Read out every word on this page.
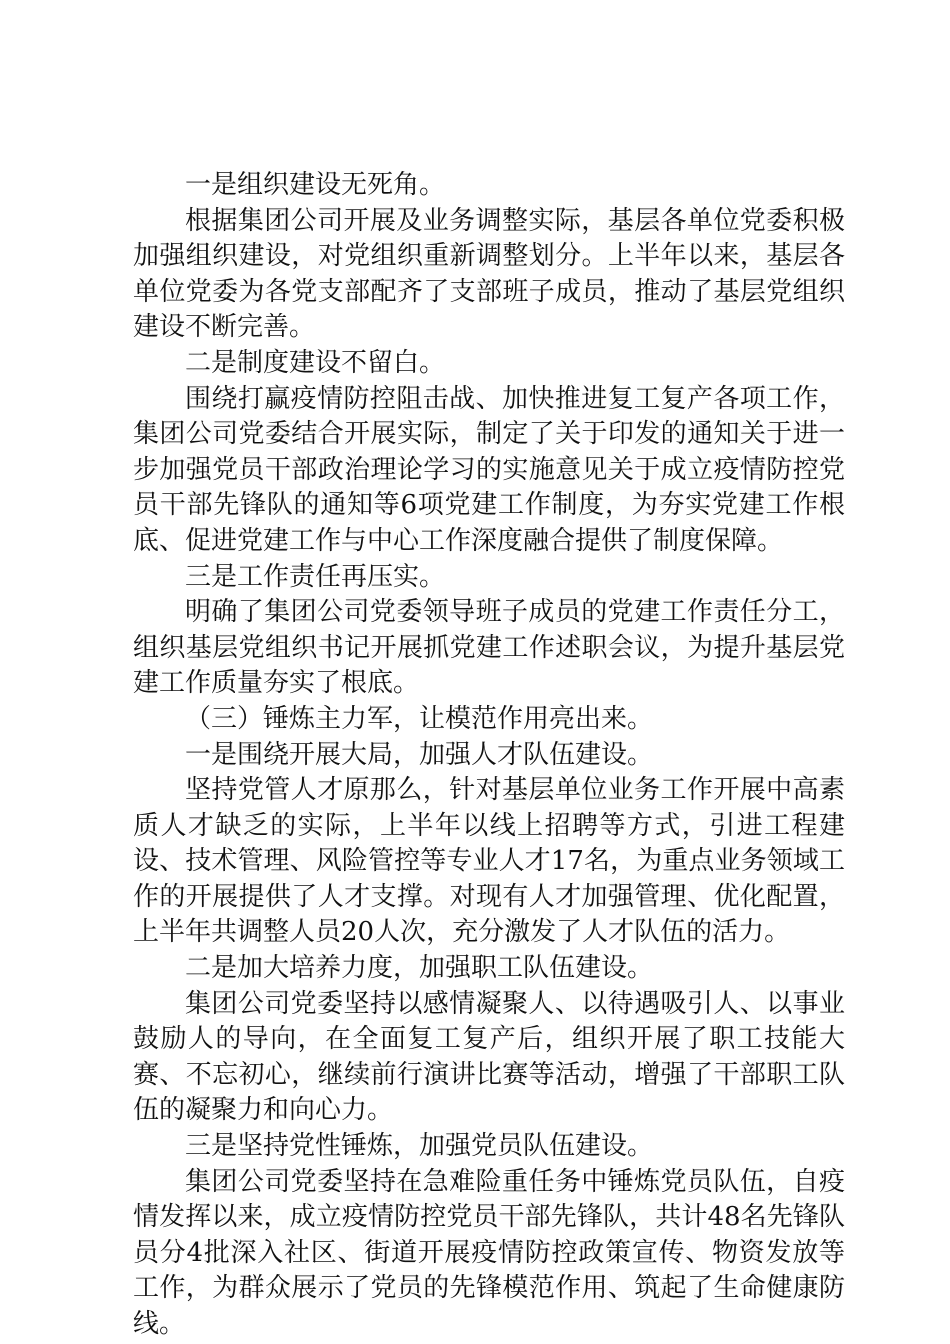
一是组织建设无死角。

根据集团公司开展及业务调整实际，基层各单位党委积极加强组织建设，对党组织重新调整划分。上半年以来，基层各单位党委为各党支部配齐了支部班子成员，推动了基层党组织建设不断完善。

二是制度建设不留白。

围绕打赢疫情防控阻击战、加快推进复工复产各项工作，集团公司党委结合开展实际，制定了关于印发的通知关于进一步加强党员干部政治理论学习的实施意见关于成立疫情防控党员干部先锋队的通知等6项党建工作制度，为夯实党建工作根底、促进党建工作与中心工作深度融合提供了制度保障。

三是工作责任再压实。

明确了集团公司党委领导班子成员的党建工作责任分工，组织基层党组织书记开展抓党建工作述职会议，为提升基层党建工作质量夯实了根底。

（三）锤炼主力军，让模范作用亮出来。

一是围绕开展大局，加强人才队伍建设。

坚持党管人才原那么，针对基层单位业务工作开展中高素质人才缺乏的实际，上半年以线上招聘等方式，引进工程建设、技术管理、风险管控等专业人才17名，为重点业务领域工作的开展提供了人才支撑。对现有人才加强管理、优化配置，上半年共调整人员20人次，充分激发了人才队伍的活力。

二是加大培养力度，加强职工队伍建设。

集团公司党委坚持以感情凝聚人、以待遇吸引人、以事业鼓励人的导向，在全面复工复产后，组织开展了职工技能大赛、不忘初心，继续前行演讲比赛等活动，增强了干部职工队伍的凝聚力和向心力。

三是坚持党性锤炼，加强党员队伍建设。

集团公司党委坚持在急难险重任务中锤炼党员队伍，自疫情发挥以来，成立疫情防控党员干部先锋队，共计48名先锋队员分4批深入社区、街道开展疫情防控政策宣传、物资发放等工作，为群众展示了党员的先锋模范作用、筑起了生命健康防线。
